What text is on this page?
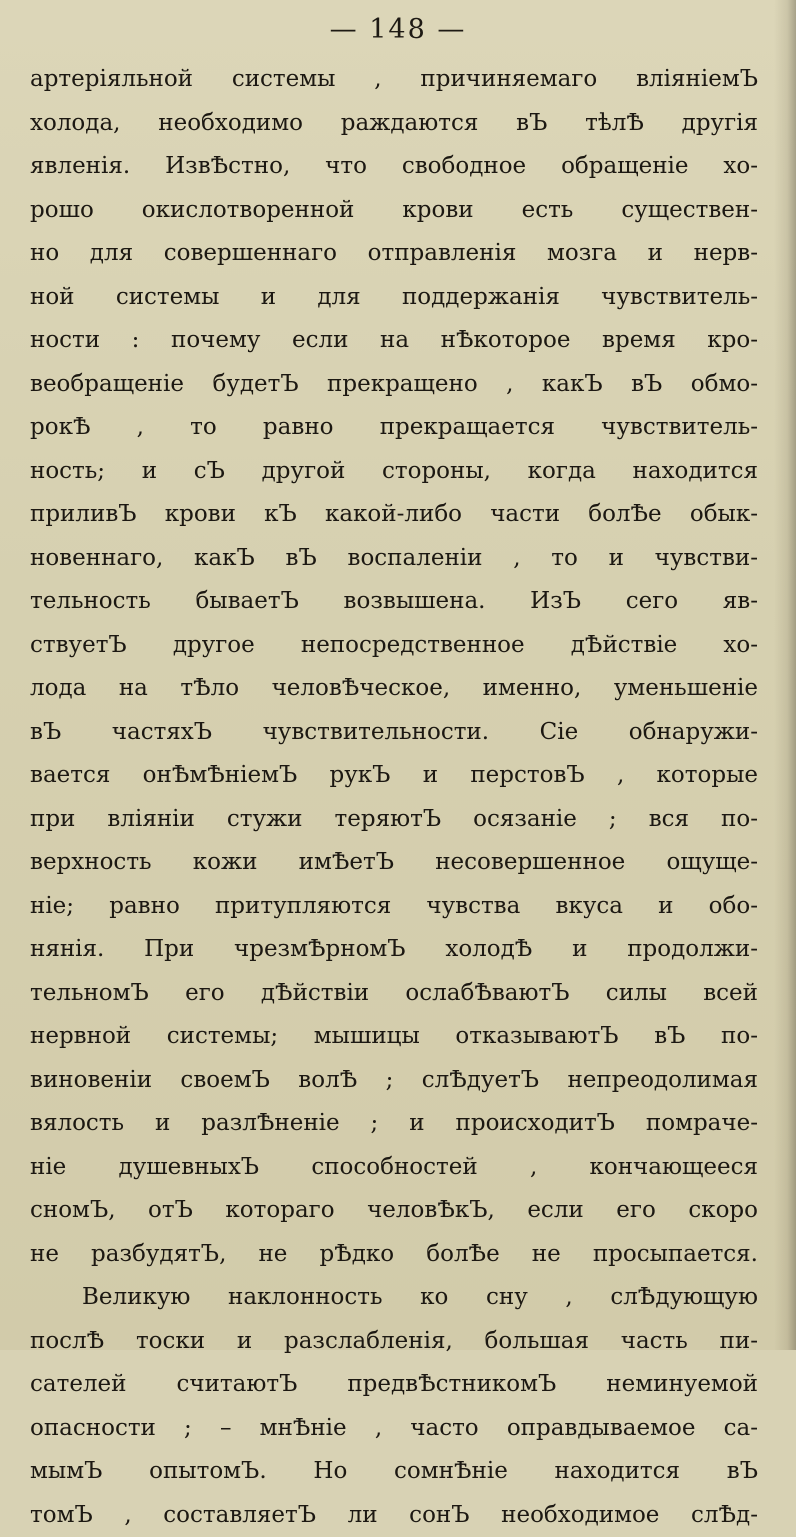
— 148 —
артеріяльной системы , причиняемаго вліяніемЪ
холода, необходимо раждаются вЪ тѣлѢ другія
явленія. ИзвѢстно, что свободное обращеніе хо-
рошо окислотворенной крови есть существен-
но для совершеннаго отправленія мозга и нерв-
ной системы и для поддержанія чувствитель-
ности : почему если на нѢкоторое время кро-
веобращеніе будетЪ прекращено , какЪ вЪ обмо-
рокѢ , то равно прекращается чувствитель-
ность; и сЪ другой стороны, когда находится
приливЪ крови кЪ какой-либо части болѢе обык-
новеннаго, какЪ вЪ воспаленіи , то и чувстви-
тельность бываетЪ возвышена. ИзЪ сего яв-
ствуетЪ другое непосредственное дѢйствіе хо-
лода на тѢло человѢческое, именно, уменьшеніе
вЪ частяхЪ чувствительности. Сіе обнаружи-
вается онѢмѢніемЪ рукЪ и перстовЪ , которые
при вліяніи стужи теряютЪ осязаніе ; вся по-
верхность кожи имѢетЪ несовершенное ощуще-
ніе; равно притупляются чувства вкуса и обо-
нянія. При чрезмѢрномЪ холодѢ и продолжи-
тельномЪ его дѢйствіи ослабѢваютЪ силы всей
нервной системы; мышицы отказываютЪ вЪ по-
виновеніи своемЪ волѢ ; слѢдуетЪ непреодолимая
вялость и разлѢненіе ; и происходитЪ помраче-
ніе душевныхЪ способностей , кончающееся
сномЪ, отЪ котораго человѢкЪ, если его скоро
не разбудятЪ, не рѢдко болѢе не просыпается.
Великую наклонность ко сну , слѢдующую
послѢ тоски и разслабленія, большая часть пи-
сателей считаютЪ предвѢстникомЪ неминуемой
опасности ; – мнѢніе , часто оправдываемое са-
мымЪ опытомЪ. Но сомнѢніе находится вЪ
томЪ , составляетЪ ли сонЪ необходимое слѢд-
